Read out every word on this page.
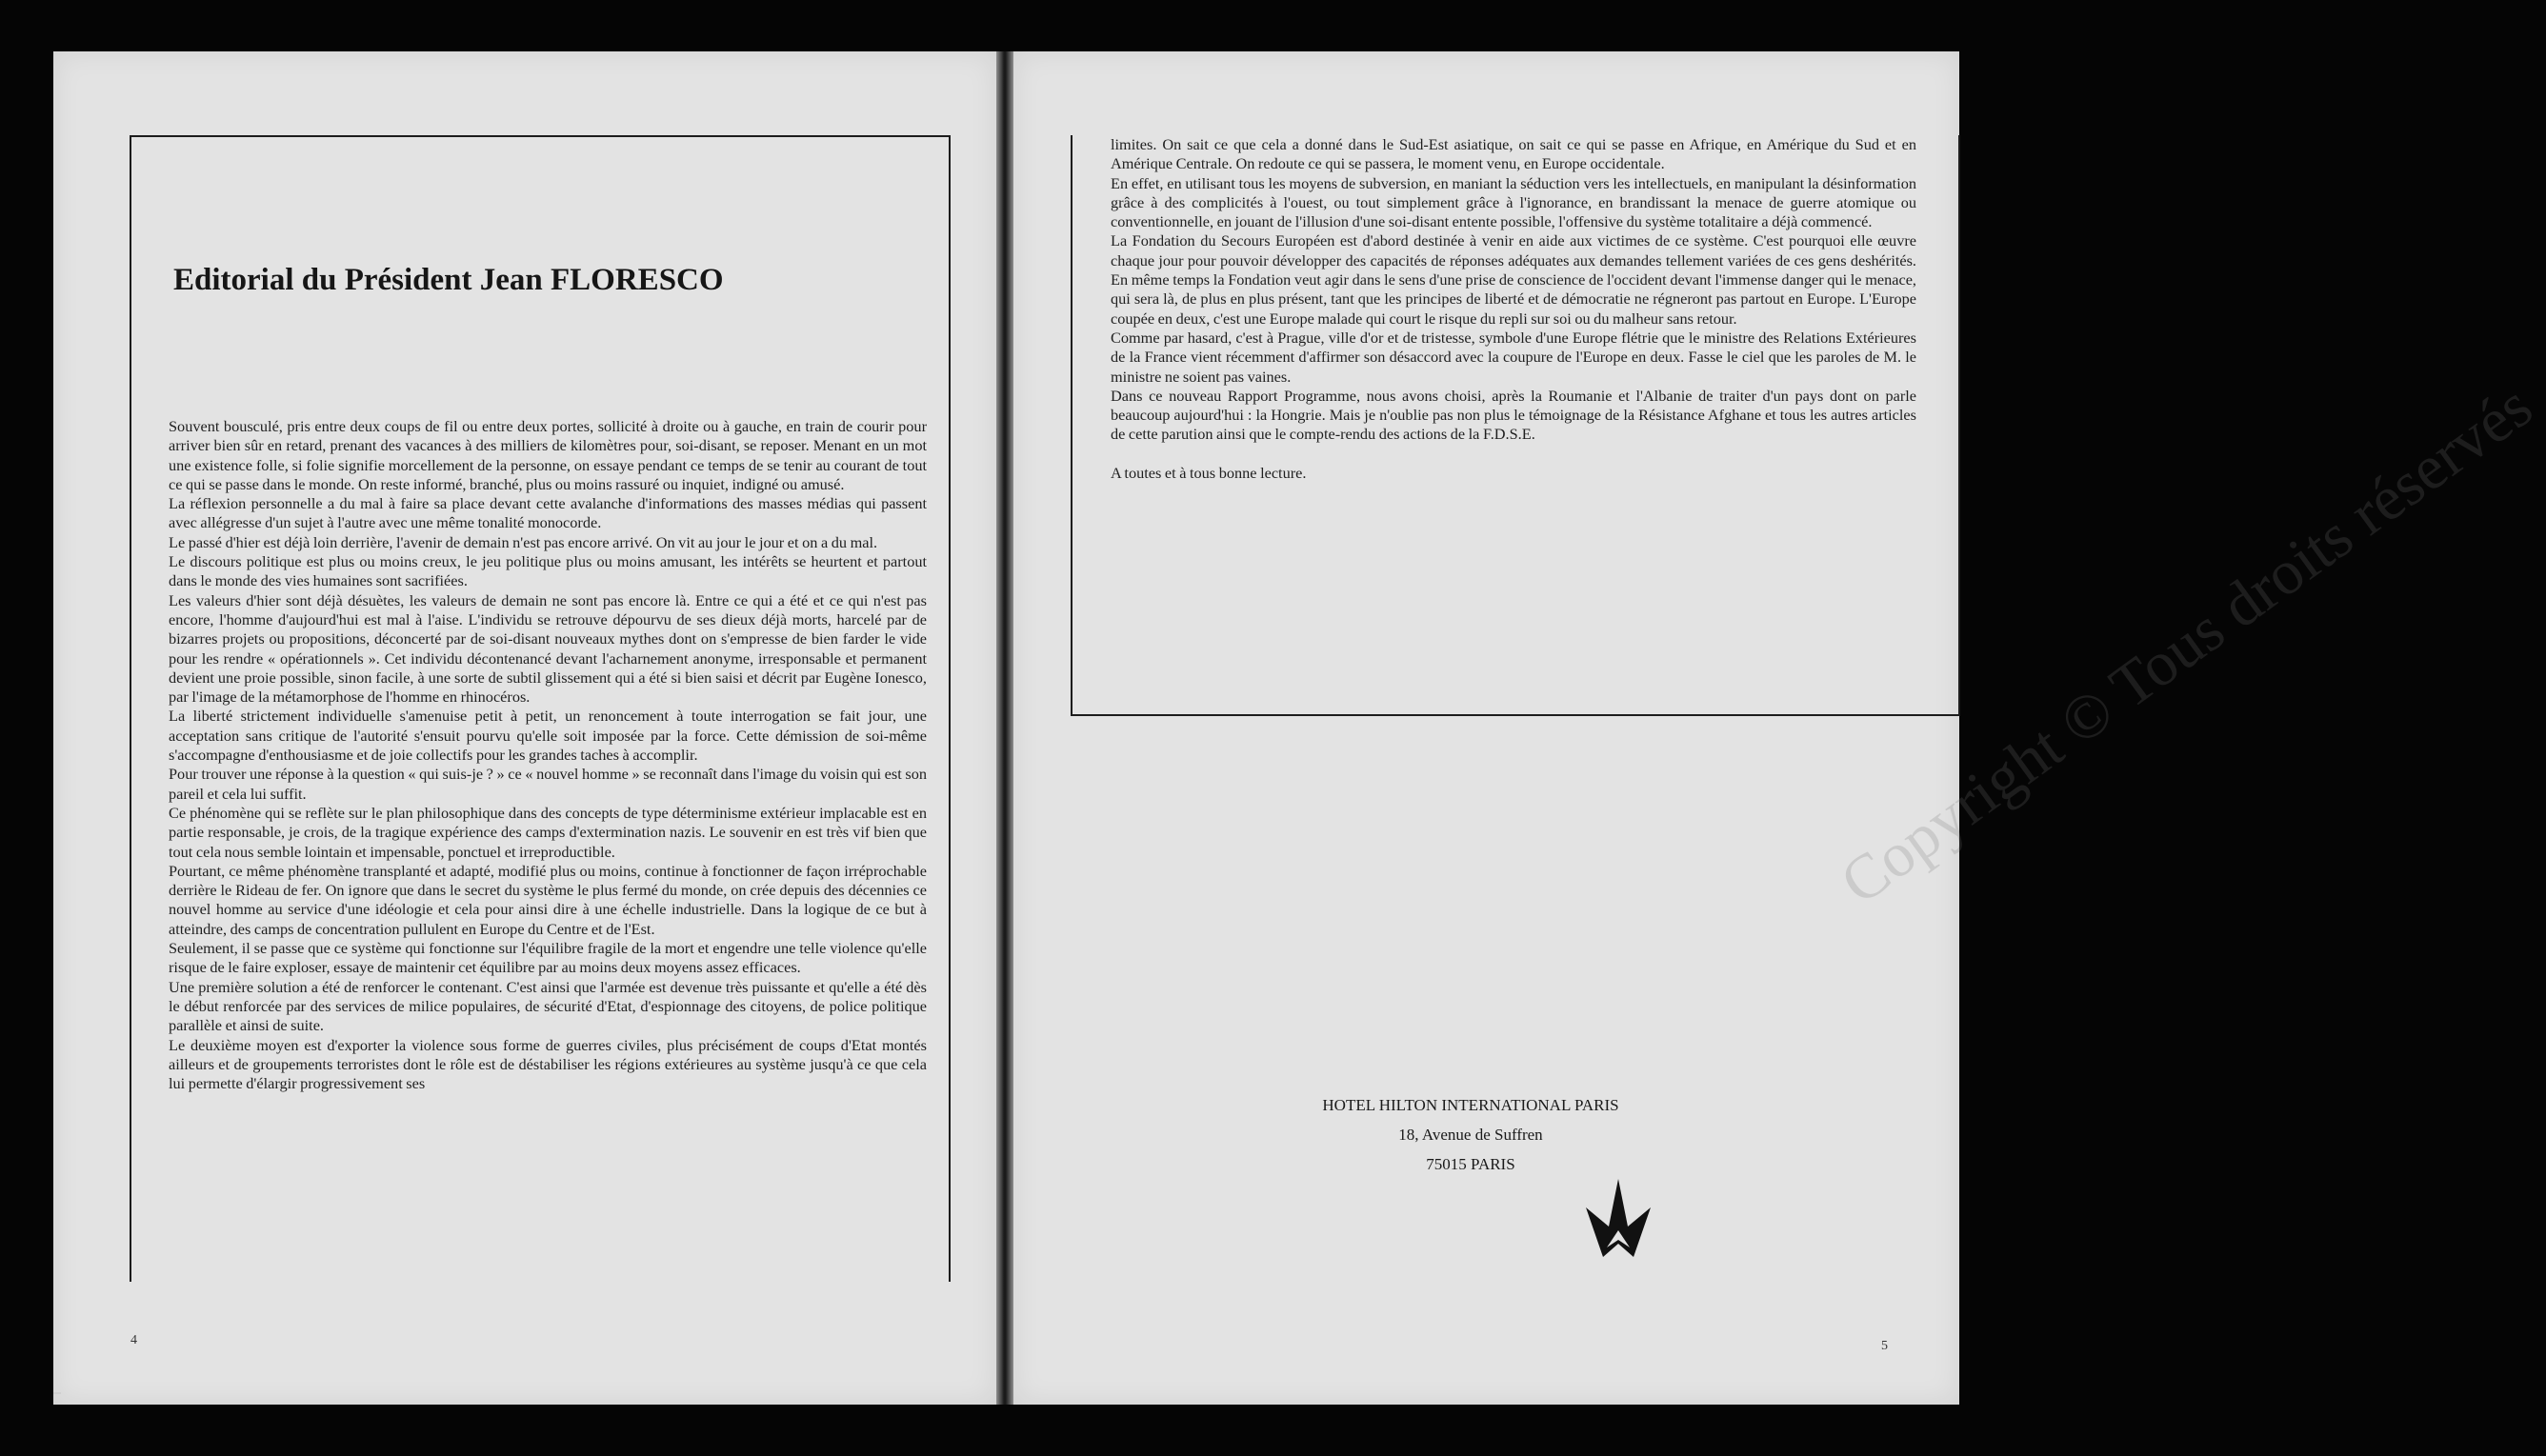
Editorial du Président Jean FLORESCO

Souvent bousculé, pris entre deux coups de fil ou entre deux portes, sollicité à droite ou à gauche, en train de courir pour arriver bien sûr en retard, prenant des vacances à des milliers de kilomètres pour, soi-disant, se reposer. Menant en un mot une existence folle, si folie signifie morcellement de la personne, on essaye pendant ce temps de se tenir au courant de tout ce qui se passe dans le monde. On reste informé, branché, plus ou moins rassuré ou inquiet, indigné ou amusé.

La réflexion personnelle a du mal à faire sa place devant cette avalanche d'informations des masses médias qui passent avec allégresse d'un sujet à l'autre avec une même tonalité monocorde.

Le passé d'hier est déjà loin derrière, l'avenir de demain n'est pas encore arrivé. On vit au jour le jour et on a du mal.

Le discours politique est plus ou moins creux, le jeu politique plus ou moins amusant, les intérêts se heurtent et partout dans le monde des vies humaines sont sacrifiées.

Les valeurs d'hier sont déjà désuètes, les valeurs de demain ne sont pas encore là. Entre ce qui a été et ce qui n'est pas encore, l'homme d'aujourd'hui est mal à l'aise. L'individu se retrouve dépourvu de ses dieux déjà morts, harcelé par de bizarres projets ou propositions, déconcerté par de soi-disant nouveaux mythes dont on s'empresse de bien farder le vide pour les rendre « opérationnels ». Cet individu décontenancé devant l'acharnement anonyme, irresponsable et permanent devient une proie possible, sinon facile, à une sorte de subtil glissement qui a été si bien saisi et décrit par Eugène Ionesco, par l'image de la métamorphose de l'homme en rhinocéros.

La liberté strictement individuelle s'amenuise petit à petit, un renoncement à toute interrogation se fait jour, une acceptation sans critique de l'autorité s'ensuit pourvu qu'elle soit imposée par la force. Cette démission de soi-même s'accompagne d'enthousiasme et de joie collectifs pour les grandes taches à accomplir.

Pour trouver une réponse à la question « qui suis-je ? » ce « nouvel homme » se reconnaît dans l'image du voisin qui est son pareil et cela lui suffit.

Ce phénomène qui se reflète sur le plan philosophique dans des concepts de type déterminisme extérieur implacable est en partie responsable, je crois, de la tragique expérience des camps d'extermination nazis. Le souvenir en est très vif bien que tout cela nous semble lointain et impensable, ponctuel et irreproductible.

Pourtant, ce même phénomène transplanté et adapté, modifié plus ou moins, continue à fonctionner de façon irréprochable derrière le Rideau de fer. On ignore que dans le secret du système le plus fermé du monde, on crée depuis des décennies ce nouvel homme au service d'une idéologie et cela pour ainsi dire à une échelle industrielle. Dans la logique de ce but à atteindre, des camps de concentration pullulent en Europe du Centre et de l'Est.

Seulement, il se passe que ce système qui fonctionne sur l'équilibre fragile de la mort et engendre une telle violence qu'elle risque de le faire exploser, essaye de maintenir cet équilibre par au moins deux moyens assez efficaces.

Une première solution a été de renforcer le contenant. C'est ainsi que l'armée est devenue très puissante et qu'elle a été dès le début renforcée par des services de milice populaires, de sécurité d'Etat, d'espionnage des citoyens, de police politique parallèle et ainsi de suite.

Le deuxième moyen est d'exporter la violence sous forme de guerres civiles, plus précisément de coups d'Etat montés ailleurs et de groupements terroristes dont le rôle est de déstabiliser les régions extérieures au système jusqu'à ce que cela lui permette d'élargir progressivement ses

4

limites. On sait ce que cela a donné dans le Sud-Est asiatique, on sait ce qui se passe en Afrique, en Amérique du Sud et en Amérique Centrale. On redoute ce qui se passera, le moment venu, en Europe occidentale.

En effet, en utilisant tous les moyens de subversion, en maniant la séduction vers les intellectuels, en manipulant la désinformation grâce à des complicités à l'ouest, ou tout simplement grâce à l'ignorance, en brandissant la menace de guerre atomique ou conventionnelle, en jouant de l'illusion d'une soi-disant entente possible, l'offensive du système totalitaire a déjà commencé.

La Fondation du Secours Européen est d'abord destinée à venir en aide aux victimes de ce système. C'est pourquoi elle œuvre chaque jour pour pouvoir développer des capacités de réponses adéquates aux demandes tellement variées de ces gens deshérités. En même temps la Fondation veut agir dans le sens d'une prise de conscience de l'occident devant l'immense danger qui le menace, qui sera là, de plus en plus présent, tant que les principes de liberté et de démocratie ne régneront pas partout en Europe. L'Europe coupée en deux, c'est une Europe malade qui court le risque du repli sur soi ou du malheur sans retour.

Comme par hasard, c'est à Prague, ville d'or et de tristesse, symbole d'une Europe flétrie que le ministre des Relations Extérieures de la France vient récemment d'affirmer son désaccord avec la coupure de l'Europe en deux. Fasse le ciel que les paroles de M. le ministre ne soient pas vaines.

Dans ce nouveau Rapport Programme, nous avons choisi, après la Roumanie et l'Albanie de traiter d'un pays dont on parle beaucoup aujourd'hui : la Hongrie. Mais je n'oublie pas non plus le témoignage de la Résistance Afghane et tous les autres articles de cette parution ainsi que le compte-rendu des actions de la F.D.S.E.

A toutes et à tous bonne lecture.	Copyright © Tous droits réservés
HOTEL HILTON INTERNATIONAL PARIS
18, Avenue de Suffren
75015 PARIS
5
